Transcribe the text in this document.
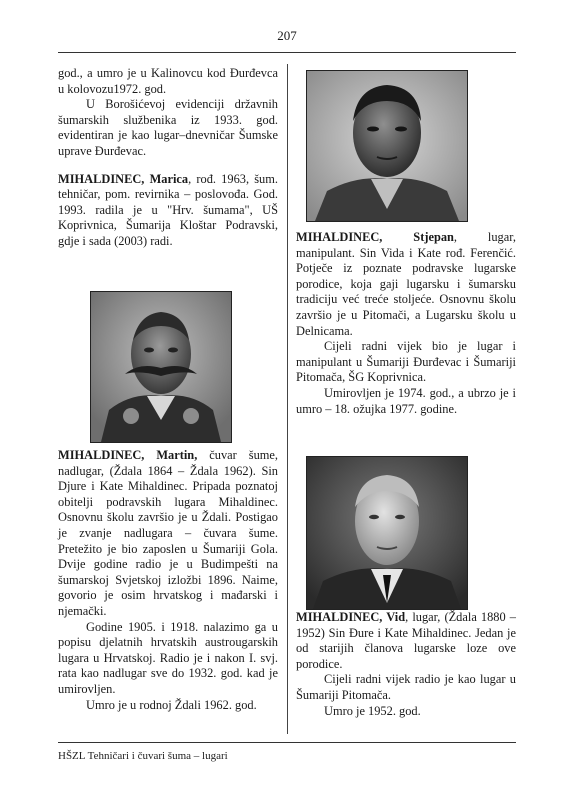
207

god., a umro je u Kalinovcu kod Đurđevca u kolovozu1972. god.

U Borošićevoj evidenciji državnih šumarskih službenika iz 1933. god. evidentiran je kao lugar–dnevničar Šumske uprave Đurđevac.

MIHALDINEC, Marica, rođ. 1963, šum. tehničar, pom. revirnika – poslovođa. God. 1993. radila je u "Hrv. šumama", UŠ Koprivnica, Šumarija Kloštar Podravski, gdje i sada (2003) radi.

MIHALDINEC, Martin, čuvar šume, nadlugar, (Ždala 1864 – Ždala 1962). Sin Djure i Kate Mihaldinec. Pripada poznatoj obitelji podravskih lugara Mihaldinec. Osnovnu školu završio je u Ždali. Postigao je zvanje nadlugara – čuvara šume. Pretežito je bio zaposlen u Šumariji Gola. Dvije godine radio je u Budimpešti na šumarskoj Svjetskoj izložbi 1896. Naime, govorio je osim hrvatskog i mađarski i njemački.

Godine 1905. i 1918. nalazimo ga u popisu djelatnih hrvatskih austrougarskih lugara u Hrvatskoj. Radio je i nakon I. svj. rata kao nadlugar sve do 1932. god. kad je umirovljen.

Umro je u rodnoj Ždali 1962. god.

MIHALDINEC, Stjepan, lugar, manipulant. Sin Vida i Kate rođ. Ferenčić. Potječe iz poznate podravske lugarske porodice, koja gaji lugarsku i šumarsku tradiciju već treće stoljeće. Osnovnu školu završio je u Pitomači, a Lugarsku školu u Delnicama.

Cijeli radni vijek bio je lugar i manipulant u Šumariji Đurđevac i Šumariji Pitomača, ŠG Koprivnica.

Umirovljen je 1974. god., a ubrzo je i umro – 18. ožujka 1977. godine.

MIHALDINEC, Vid, lugar, (Ždala 1880 – 1952) Sin Đure i Kate Mihaldinec. Jedan je od starijih članova lugarske loze ove porodice.

Cijeli radni vijek radio je kao lugar u Šumariji Pitomača.

Umro je 1952. god.

HŠZL Tehničari i čuvari šuma – lugari
